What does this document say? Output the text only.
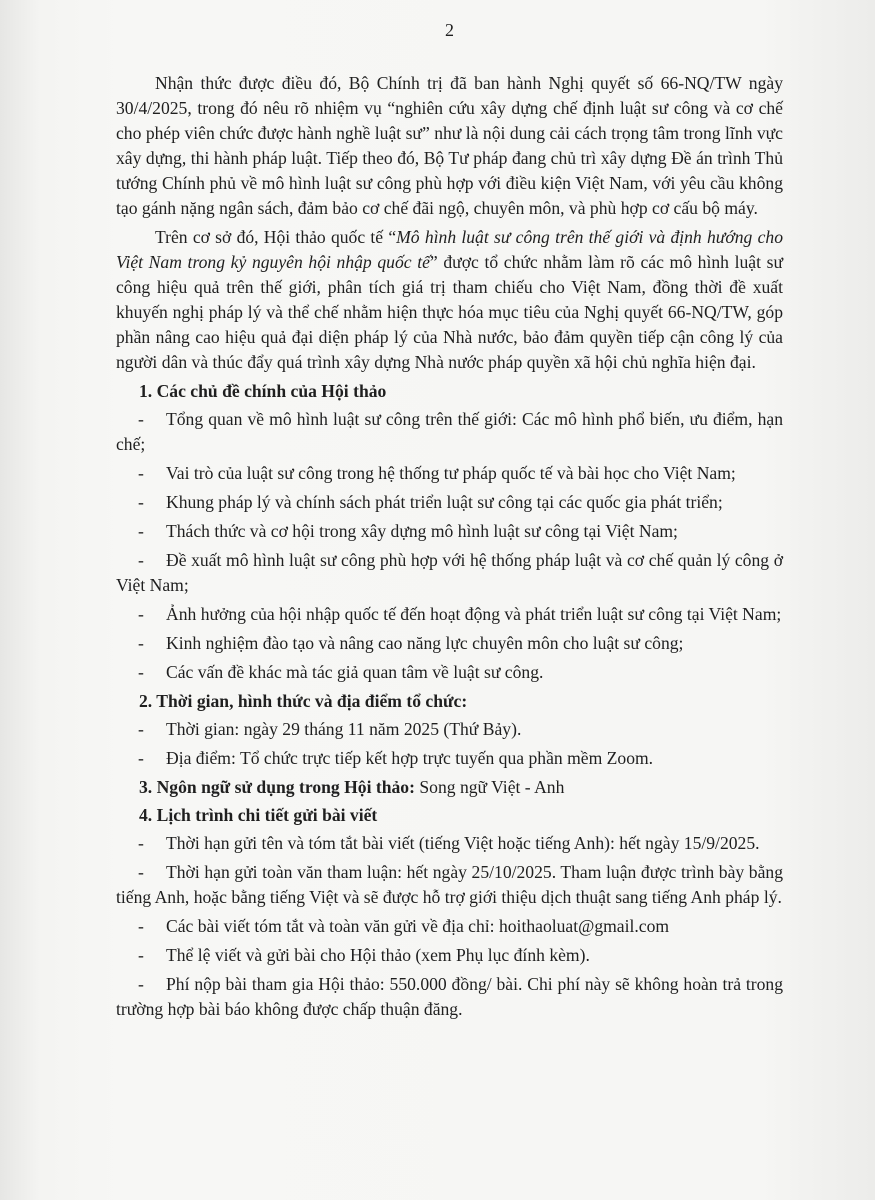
2

Nhận thức được điều đó, Bộ Chính trị đã ban hành Nghị quyết số 66-NQ/TW ngày 30/4/2025, trong đó nêu rõ nhiệm vụ “nghiên cứu xây dựng chế định luật sư công và cơ chế cho phép viên chức được hành nghề luật sư” như là nội dung cải cách trọng tâm trong lĩnh vực xây dựng, thi hành pháp luật. Tiếp theo đó, Bộ Tư pháp đang chủ trì xây dựng Đề án trình Thủ tướng Chính phủ về mô hình luật sư công phù hợp với điều kiện Việt Nam, với yêu cầu không tạo gánh nặng ngân sách, đảm bảo cơ chế đãi ngộ, chuyên môn, và phù hợp cơ cấu bộ máy.

Trên cơ sở đó, Hội thảo quốc tế “Mô hình luật sư công trên thế giới và định hướng cho Việt Nam trong kỷ nguyên hội nhập quốc tế” được tổ chức nhằm làm rõ các mô hình luật sư công hiệu quả trên thế giới, phân tích giá trị tham chiếu cho Việt Nam, đồng thời đề xuất khuyến nghị pháp lý và thể chế nhằm hiện thực hóa mục tiêu của Nghị quyết 66-NQ/TW, góp phần nâng cao hiệu quả đại diện pháp lý của Nhà nước, bảo đảm quyền tiếp cận công lý của người dân và thúc đẩy quá trình xây dựng Nhà nước pháp quyền xã hội chủ nghĩa hiện đại.

1. Các chủ đề chính của Hội thảo

- Tổng quan về mô hình luật sư công trên thế giới: Các mô hình phổ biến, ưu điểm, hạn chế;

- Vai trò của luật sư công trong hệ thống tư pháp quốc tế và bài học cho Việt Nam;

- Khung pháp lý và chính sách phát triển luật sư công tại các quốc gia phát triển;

- Thách thức và cơ hội trong xây dựng mô hình luật sư công tại Việt Nam;

- Đề xuất mô hình luật sư công phù hợp với hệ thống pháp luật và cơ chế quản lý công ở Việt Nam;

- Ảnh hưởng của hội nhập quốc tế đến hoạt động và phát triển luật sư công tại Việt Nam;

- Kinh nghiệm đào tạo và nâng cao năng lực chuyên môn cho luật sư công;

- Các vấn đề khác mà tác giả quan tâm về luật sư công.

2. Thời gian, hình thức và địa điểm tổ chức:

- Thời gian: ngày 29 tháng 11 năm 2025 (Thứ Bảy).

- Địa điểm: Tổ chức trực tiếp kết hợp trực tuyến qua phần mềm Zoom.

3. Ngôn ngữ sử dụng trong Hội thảo: Song ngữ Việt - Anh
4. Lịch trình chi tiết gửi bài viết

- Thời hạn gửi tên và tóm tắt bài viết (tiếng Việt hoặc tiếng Anh): hết ngày 15/9/2025.

- Thời hạn gửi toàn văn tham luận: hết ngày 25/10/2025. Tham luận được trình bày bằng tiếng Anh, hoặc bằng tiếng Việt và sẽ được hỗ trợ giới thiệu dịch thuật sang tiếng Anh pháp lý.

- Các bài viết tóm tắt và toàn văn gửi về địa chỉ: hoithaoluat@gmail.com

- Thể lệ viết và gửi bài cho Hội thảo (xem Phụ lục đính kèm).

- Phí nộp bài tham gia Hội thảo: 550.000 đồng/ bài. Chi phí này sẽ không hoàn trả trong trường hợp bài báo không được chấp thuận đăng.
